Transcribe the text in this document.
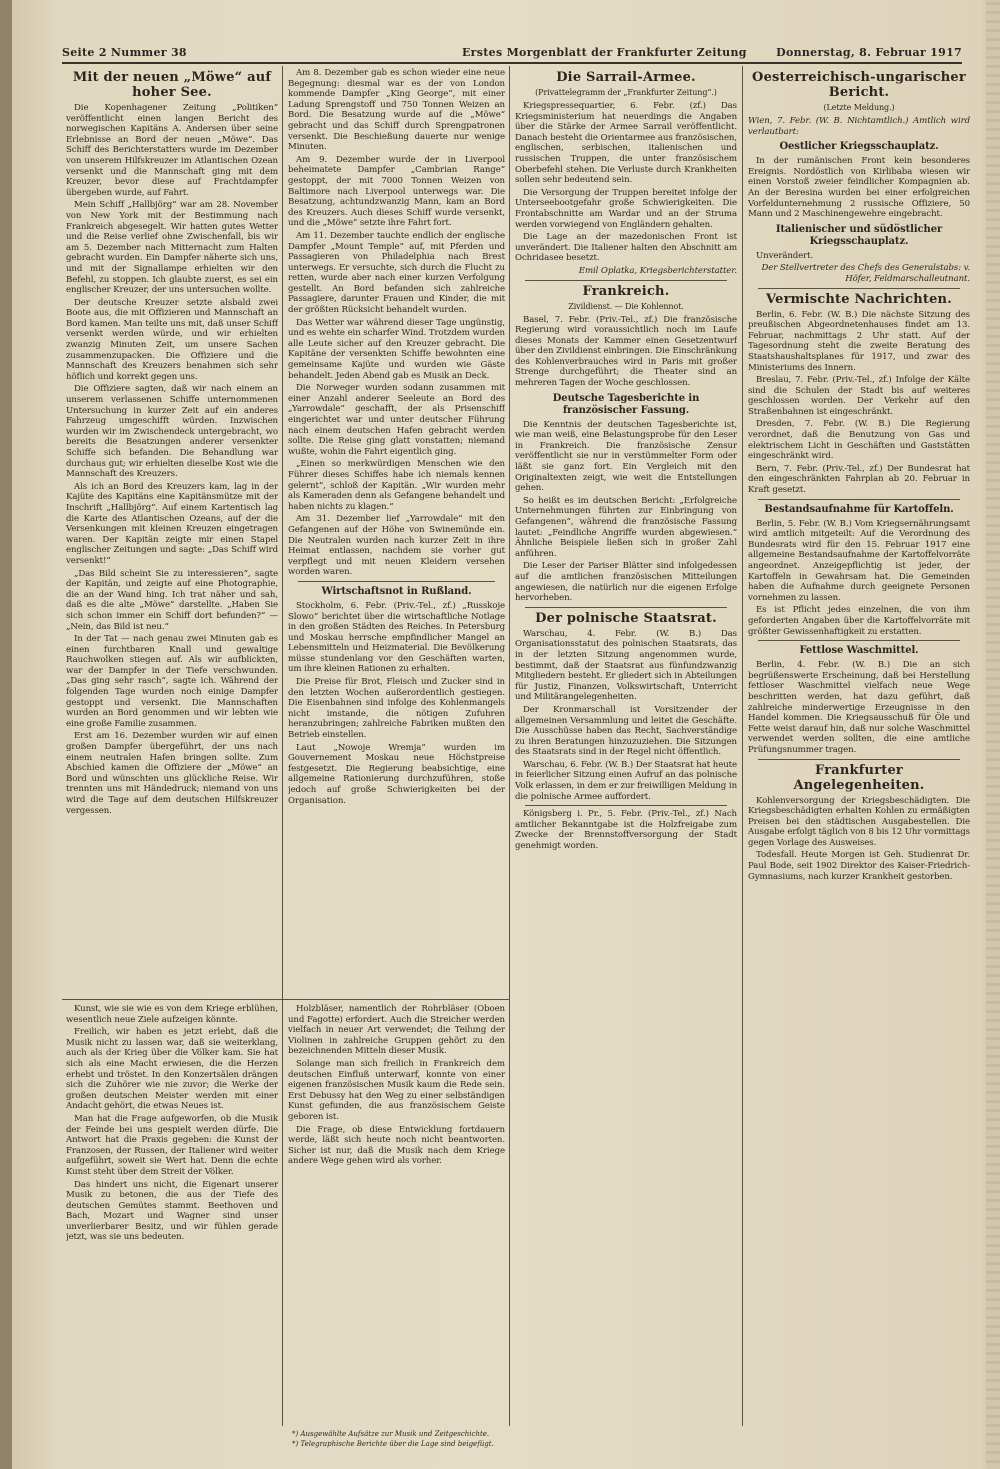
Seite 2 Nummer 38	Erstes Morgenblatt der Frankfurter Zeitung	Donnerstag, 8. Februar 1917
Mit der neuen „Möwe“ auf hoher See.

Die Kopenhagener Zeitung „Politiken“ veröffentlicht einen langen Bericht des norwegischen Kapitäns A. Andersen über seine Erlebnisse an Bord der neuen „Möwe“. Das Schiff des Berichterstatters wurde im Dezember von unserem Hilfskreuzer im Atlantischen Ozean versenkt und die Mannschaft ging mit dem Kreuzer, bevor diese auf Frachtdampfer übergeben wurde, auf Fahrt.

Mein Schiff „Hallbjörg“ war am 28. November von New York mit der Bestimmung nach Frankreich abgesegelt. Wir hatten gutes Wetter und die Reise verlief ohne Zwischenfall, bis wir am 5. Dezember nach Mitternacht zum Halten gebracht wurden. Ein Dampfer näherte sich uns, und mit der Signallampe erhielten wir den Befehl, zu stoppen. Ich glaubte zuerst, es sei ein englischer Kreuzer, der uns untersuchen wollte.

Der deutsche Kreuzer setzte alsbald zwei Boote aus, die mit Offizieren und Mannschaft an Bord kamen. Man teilte uns mit, daß unser Schiff versenkt werden würde, und wir erhielten zwanzig Minuten Zeit, um unsere Sachen zusammenzupacken. Die Offiziere und die Mannschaft des Kreuzers benahmen sich sehr höflich und korrekt gegen uns.

Die Offiziere sagten, daß wir nach einem an unserem verlassenen Schiffe unternommenen Untersuchung in kurzer Zeit auf ein anderes Fahrzeug umgeschifft würden. Inzwischen wurden wir im Zwischendeck untergebracht, wo bereits die Besatzungen anderer versenkter Schiffe sich befanden. Die Behandlung war durchaus gut; wir erhielten dieselbe Kost wie die Mannschaft des Kreuzers.

Als ich an Bord des Kreuzers kam, lag in der Kajüte des Kapitäns eine Kapitänsmütze mit der Inschrift „Hallbjörg“. Auf einem Kartentisch lag die Karte des Atlantischen Ozeans, auf der die Versenkungen mit kleinen Kreuzen eingetragen waren. Der Kapitän zeigte mir einen Stapel englischer Zeitungen und sagte: „Das Schiff wird versenkt!“

„Das Bild scheint Sie zu interessieren“, sagte der Kapitän, und zeigte auf eine Photographie, die an der Wand hing. Ich trat näher und sah, daß es die alte „Möwe“ darstellte. „Haben Sie sich schon immer ein Schiff dort befunden?“ — „Nein, das Bild ist neu.“

In der Tat — nach genau zwei Minuten gab es einen furchtbaren Knall und gewaltige Rauchwolken stiegen auf. Als wir aufblickten, war der Dampfer in der Tiefe verschwunden. „Das ging sehr rasch“, sagte ich. Während der folgenden Tage wurden noch einige Dampfer gestoppt und versenkt. Die Mannschaften wurden an Bord genommen und wir lebten wie eine große Familie zusammen.

Erst am 16. Dezember wurden wir auf einen großen Dampfer übergeführt, der uns nach einem neutralen Hafen bringen sollte. Zum Abschied kamen die Offiziere der „Möwe“ an Bord und wünschten uns glückliche Reise. Wir trennten uns mit Händedruck; niemand von uns wird die Tage auf dem deutschen Hilfskreuzer vergessen.

Am 8. Dezember gab es schon wieder eine neue Begegnung: diesmal war es der von London kommende Dampfer „King George“, mit einer Ladung Sprengstoff und 750 Tonnen Weizen an Bord. Die Besatzung wurde auf die „Möwe“ gebracht und das Schiff durch Sprengpatronen versenkt. Die Beschießung dauerte nur wenige Minuten.

Am 9. Dezember wurde der in Liverpool beheimatete Dampfer „Cambrian Range“ gestoppt, der mit 7000 Tonnen Weizen von Baltimore nach Liverpool unterwegs war. Die Besatzung, achtundzwanzig Mann, kam an Bord des Kreuzers. Auch dieses Schiff wurde versenkt, und die „Möwe“ setzte ihre Fahrt fort.

Am 11. Dezember tauchte endlich der englische Dampfer „Mount Temple“ auf, mit Pferden und Passagieren von Philadelphia nach Brest unterwegs. Er versuchte, sich durch die Flucht zu retten, wurde aber nach einer kurzen Verfolgung gestellt. An Bord befanden sich zahlreiche Passagiere, darunter Frauen und Kinder, die mit der größten Rücksicht behandelt wurden.

Das Wetter war während dieser Tage ungünstig, und es wehte ein scharfer Wind. Trotzdem wurden alle Leute sicher auf den Kreuzer gebracht. Die Kapitäne der versenkten Schiffe bewohnten eine gemeinsame Kajüte und wurden wie Gäste behandelt. Jeden Abend gab es Musik an Deck.

Die Norweger wurden sodann zusammen mit einer Anzahl anderer Seeleute an Bord des „Yarrowdale“ geschafft, der als Prisenschiff eingerichtet war und unter deutscher Führung nach einem deutschen Hafen gebracht werden sollte. Die Reise ging glatt vonstatten; niemand wußte, wohin die Fahrt eigentlich ging.

„Einen so merkwürdigen Menschen wie den Führer dieses Schiffes habe ich niemals kennen gelernt“, schloß der Kapitän. „Wir wurden mehr als Kameraden denn als Gefangene behandelt und haben nichts zu klagen.“

Am 31. Dezember lief „Yarrowdale“ mit den Gefangenen auf der Höhe von Swinemünde ein. Die Neutralen wurden nach kurzer Zeit in ihre Heimat entlassen, nachdem sie vorher gut verpflegt und mit neuen Kleidern versehen worden waren.

Wirtschaftsnot in Rußland.

Stockholm, 6. Febr. (Priv.-Tel., zf.) „Russkoje Slowo“ berichtet über die wirtschaftliche Notlage in den großen Städten des Reiches. In Petersburg und Moskau herrsche empfindlicher Mangel an Lebensmitteln und Heizmaterial. Die Bevölkerung müsse stundenlang vor den Geschäften warten, um ihre kleinen Rationen zu erhalten.

Die Preise für Brot, Fleisch und Zucker sind in den letzten Wochen außerordentlich gestiegen. Die Eisenbahnen sind infolge des Kohlenmangels nicht imstande, die nötigen Zufuhren heranzubringen; zahlreiche Fabriken mußten den Betrieb einstellen.

Laut „Nowoje Wremja“ wurden im Gouvernement Moskau neue Höchstpreise festgesetzt. Die Regierung beabsichtige, eine allgemeine Rationierung durchzuführen, stoße jedoch auf große Schwierigkeiten bei der Organisation.

Kunst, wie sie wie es von dem Kriege erblühen, wesentlich neue Ziele aufzeigen könnte.

Freilich, wir haben es jetzt erlebt, daß die Musik nicht zu lassen war, daß sie weiterklang, auch als der Krieg über die Völker kam. Sie hat sich als eine Macht erwiesen, die die Herzen erhebt und tröstet. In den Konzertsälen drängen sich die Zuhörer wie nie zuvor; die Werke der großen deutschen Meister werden mit einer Andacht gehört, die etwas Neues ist.

Man hat die Frage aufgeworfen, ob die Musik der Feinde bei uns gespielt werden dürfe. Die Antwort hat die Praxis gegeben: die Kunst der Franzosen, der Russen, der Italiener wird weiter aufgeführt, soweit sie Wert hat. Denn die echte Kunst steht über dem Streit der Völker.

Das hindert uns nicht, die Eigenart unserer Musik zu betonen, die aus der Tiefe des deutschen Gemütes stammt. Beethoven und Bach, Mozart und Wagner sind unser unverlierbarer Besitz, und wir fühlen gerade jetzt, was sie uns bedeuten.

Holzbläser, namentlich der Rohrbläser (Oboen und Fagotte) erfordert. Auch die Streicher werden vielfach in neuer Art verwendet; die Teilung der Violinen in zahlreiche Gruppen gehört zu den bezeichnenden Mitteln dieser Musik.

Solange man sich freilich in Frankreich dem deutschen Einfluß unterwarf, konnte von einer eigenen französischen Musik kaum die Rede sein. Erst Debussy hat den Weg zu einer selbständigen Kunst gefunden, die aus französischem Geiste geboren ist.

Die Frage, ob diese Entwicklung fortdauern werde, läßt sich heute noch nicht beantworten. Sicher ist nur, daß die Musik nach dem Kriege andere Wege gehen wird als vorher.

*) Ausgewählte Aufsätze zur Musik und Zeitgeschichte.
Die Sarrail-Armee.
(Privattelegramm der „Frankfurter Zeitung“.)

Kriegspressequartier, 6. Febr. (zf.) Das Kriegsministerium hat neuerdings die Angaben über die Stärke der Armee Sarrail veröffentlicht. Danach besteht die Orientarmee aus französischen, englischen, serbischen, italienischen und russischen Truppen, die unter französischem Oberbefehl stehen. Die Verluste durch Krankheiten sollen sehr bedeutend sein.

Die Versorgung der Truppen bereitet infolge der Unterseebootgefahr große Schwierigkeiten. Die Frontabschnitte am Wardar und an der Struma werden vorwiegend von Engländern gehalten.

Die Lage an der mazedonischen Front ist unverändert. Die Italiener halten den Abschnitt am Ochridasee besetzt.

Emil Oplatka, Kriegsberichterstatter.

Frankreich.
Zivildienst. — Die Kohlennot.

Basel, 7. Febr. (Priv.-Tel., zf.) Die französische Regierung wird voraussichtlich noch im Laufe dieses Monats der Kammer einen Gesetzentwurf über den Zivildienst einbringen. Die Einschränkung des Kohlenverbrauches wird in Paris mit großer Strenge durchgeführt; die Theater sind an mehreren Tagen der Woche geschlossen.

Deutsche Tagesberichte in französischer Fassung.

Die Kenntnis der deutschen Tagesberichte ist, wie man weiß, eine Belastungsprobe für den Leser in Frankreich. Die französische Zensur veröffentlicht sie nur in verstümmelter Form oder läßt sie ganz fort. Ein Vergleich mit den Originaltexten zeigt, wie weit die Entstellungen gehen.

So heißt es im deutschen Bericht: „Erfolgreiche Unternehmungen führten zur Einbringung von Gefangenen“, während die französische Fassung lautet: „Feindliche Angriffe wurden abgewiesen.“ Ähnliche Beispiele ließen sich in großer Zahl anführen.

Die Leser der Pariser Blätter sind infolgedessen auf die amtlichen französischen Mitteilungen angewiesen, die natürlich nur die eigenen Erfolge hervorheben.

Der polnische Staatsrat.

Warschau, 4. Febr. (W. B.) Das Organisationsstatut des polnischen Staatsrats, das in der letzten Sitzung angenommen wurde, bestimmt, daß der Staatsrat aus fünfundzwanzig Mitgliedern besteht. Er gliedert sich in Abteilungen für Justiz, Finanzen, Volkswirtschaft, Unterricht und Militärangelegenheiten.

Der Kronmarschall ist Vorsitzender der allgemeinen Versammlung und leitet die Geschäfte. Die Ausschüsse haben das Recht, Sachverständige zu ihren Beratungen hinzuzuziehen. Die Sitzungen des Staatsrats sind in der Regel nicht öffentlich.

Warschau, 6. Febr. (W. B.) Der Staatsrat hat heute in feierlicher Sitzung einen Aufruf an das polnische Volk erlassen, in dem er zur freiwilligen Meldung in die polnische Armee auffordert.

Königsberg i. Pr., 5. Febr. (Priv.-Tel., zf.) Nach amtlicher Bekanntgabe ist die Holzfreigabe zum Zwecke der Brennstoffversorgung der Stadt genehmigt worden.

Oesterreichisch-ungarischer Bericht.
(Letzte Meldung.)

Wien, 7. Febr. (W. B. Nichtamtlich.) Amtlich wird verlautbart:

Oestlicher Kriegsschauplatz.

In der rumänischen Front kein besonderes Ereignis. Nordöstlich von Kirlibaba wiesen wir einen Vorstoß zweier feindlicher Kompagnien ab. An der Beresina wurden bei einer erfolgreichen Vorfeldunternehmung 2 russische Offiziere, 50 Mann und 2 Maschinengewehre eingebracht.

Italienischer und südöstlicher Kriegsschauplatz.

Unverändert.

Der Stellvertreter des Chefs des Generalstabs: v. Höfer, Feldmarschalleutnant.

Vermischte Nachrichten.

Berlin, 6. Febr. (W. B.) Die nächste Sitzung des preußischen Abgeordnetenhauses findet am 13. Februar, nachmittags 2 Uhr statt. Auf der Tagesordnung steht die zweite Beratung des Staatshaushaltsplanes für 1917, und zwar des Ministeriums des Innern.

Breslau, 7. Febr. (Priv.-Tel., zf.) Infolge der Kälte sind die Schulen der Stadt bis auf weiteres geschlossen worden. Der Verkehr auf den Straßenbahnen ist eingeschränkt.

Dresden, 7. Febr. (W. B.) Die Regierung verordnet, daß die Benutzung von Gas und elektrischem Licht in Geschäften und Gaststätten eingeschränkt wird.

Bern, 7. Febr. (Priv.-Tel., zf.) Der Bundesrat hat den eingeschränkten Fahrplan ab 20. Februar in Kraft gesetzt.

Bestandsaufnahme für Kartoffeln.

Berlin, 5. Febr. (W. B.) Vom Kriegsernährungsamt wird amtlich mitgeteilt: Auf die Verordnung des Bundesrats wird für den 15. Februar 1917 eine allgemeine Bestandsaufnahme der Kartoffelvorräte angeordnet. Anzeigepflichtig ist jeder, der Kartoffeln in Gewahrsam hat. Die Gemeinden haben die Aufnahme durch geeignete Personen vornehmen zu lassen.

Es ist Pflicht jedes einzelnen, die von ihm geforderten Angaben über die Kartoffelvorräte mit größter Gewissenhaftigkeit zu erstatten.

Fettlose Waschmittel.

Berlin, 4. Febr. (W. B.) Die an sich begrüßenswerte Erscheinung, daß bei Herstellung fettloser Waschmittel vielfach neue Wege beschritten werden, hat dazu geführt, daß zahlreiche minderwertige Erzeugnisse in den Handel kommen. Die Kriegsausschuß für Öle und Fette weist darauf hin, daß nur solche Waschmittel verwendet werden sollten, die eine amtliche Prüfungsnummer tragen.

Frankfurter Angelegenheiten.

Kohlenversorgung der Kriegsbeschädigten. Die Kriegsbeschädigten erhalten Kohlen zu ermäßigten Preisen bei den städtischen Ausgabestellen. Die Ausgabe erfolgt täglich von 8 bis 12 Uhr vormittags gegen Vorlage des Ausweises.

Todesfall. Heute Morgen ist Geh. Studienrat Dr. Paul Bode, seit 1902 Direktor des Kaiser-Friedrich-Gymnasiums, nach kurzer Krankheit gestorben.

*) Telegraphische Berichte über die Lage sind beigefügt.
